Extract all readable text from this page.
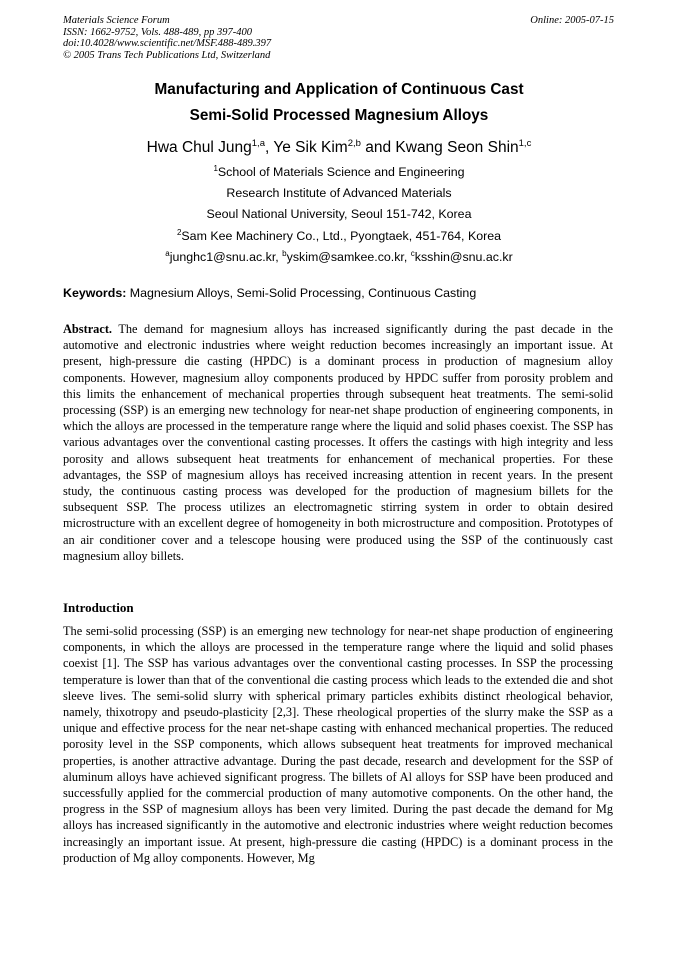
Materials Science Forum
ISSN: 1662-9752, Vols. 488-489, pp 397-400
doi:10.4028/www.scientific.net/MSF.488-489.397
© 2005 Trans Tech Publications Ltd, Switzerland
Online: 2005-07-15
Manufacturing and Application of Continuous Cast
Semi-Solid Processed Magnesium Alloys
Hwa Chul Jung$^{1,a}$, Ye Sik Kim$^{2,b}$ and Kwang Seon Shin$^{1,c}$
$^1$School of Materials Science and Engineering
Research Institute of Advanced Materials
Seoul National University, Seoul 151-742, Korea
$^2$Sam Kee Machinery Co., Ltd., Pyongtaek, 451-764, Korea
$^a$junghc1@snu.ac.kr, $^b$yskim@samkee.co.kr, $^c$ksshin@snu.ac.kr
Keywords: Magnesium Alloys, Semi-Solid Processing, Continuous Casting
Abstract. The demand for magnesium alloys has increased significantly during the past decade in the automotive and electronic industries where weight reduction becomes increasingly an important issue. At present, high-pressure die casting (HPDC) is a dominant process in production of magnesium alloy components. However, magnesium alloy components produced by HPDC suffer from porosity problem and this limits the enhancement of mechanical properties through subsequent heat treatments. The semi-solid processing (SSP) is an emerging new technology for near-net shape production of engineering components, in which the alloys are processed in the temperature range where the liquid and solid phases coexist. The SSP has various advantages over the conventional casting processes. It offers the castings with high integrity and less porosity and allows subsequent heat treatments for enhancement of mechanical properties. For these advantages, the SSP of magnesium alloys has received increasing attention in recent years. In the present study, the continuous casting process was developed for the production of magnesium billets for the subsequent SSP. The process utilizes an electromagnetic stirring system in order to obtain desired microstructure with an excellent degree of homogeneity in both microstructure and composition. Prototypes of an air conditioner cover and a telescope housing were produced using the SSP of the continuously cast magnesium alloy billets.
Introduction
The semi-solid processing (SSP) is an emerging new technology for near-net shape production of engineering components, in which the alloys are processed in the temperature range where the liquid and solid phases coexist [1]. The SSP has various advantages over the conventional casting processes. In SSP the processing temperature is lower than that of the conventional die casting process which leads to the extended die and shot sleeve lives. The semi-solid slurry with spherical primary particles exhibits distinct rheological behavior, namely, thixotropy and pseudo-plasticity [2,3]. These rheological properties of the slurry make the SSP as a unique and effective process for the near net-shape casting with enhanced mechanical properties. The reduced porosity level in the SSP components, which allows subsequent heat treatments for improved mechanical properties, is another attractive advantage. During the past decade, research and development for the SSP of aluminum alloys have achieved significant progress. The billets of Al alloys for SSP have been produced and successfully applied for the commercial production of many automotive components. On the other hand, the progress in the SSP of magnesium alloys has been very limited. During the past decade the demand for Mg alloys has increased significantly in the automotive and electronic industries where weight reduction becomes increasingly an important issue. At present, high-pressure die casting (HPDC) is a dominant process in the production of Mg alloy components. However, Mg
